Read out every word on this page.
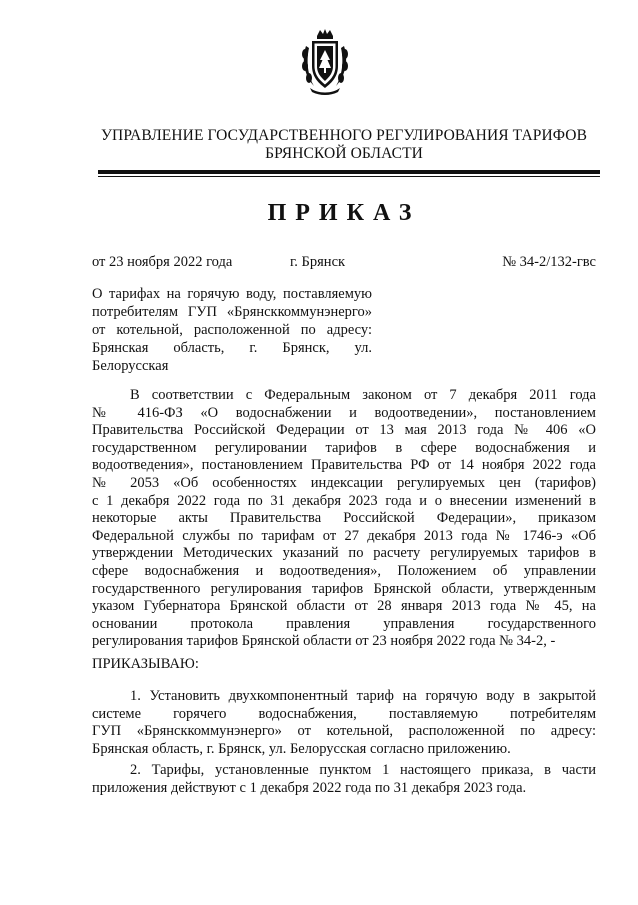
УПРАВЛЕНИЕ ГОСУДАРСТВЕННОГО РЕГУЛИРОВАНИЯ ТАРИФОВ
БРЯНСКОЙ ОБЛАСТИ
ПРИКАЗ
от 23 ноября 2022 года	г. Брянск	№ 34-2/132-гвс
О тарифах на горячую воду, поставляемую
потребителям ГУП «Брянсккоммунэнерго»
от котельной, расположенной по адресу:
Брянская область, г. Брянск, ул.
Белорусская
В соответствии с Федеральным законом от 7 декабря 2011 года
№ 416-ФЗ «О водоснабжении и водоотведении», постановлением
Правительства Российской Федерации от 13 мая 2013 года № 406 «О
государственном регулировании тарифов в сфере водоснабжения и
водоотведения», постановлением Правительства РФ от 14 ноября 2022 года
№ 2053 «Об особенностях индексации регулируемых цен (тарифов)
с 1 декабря 2022 года по 31 декабря 2023 года и о внесении изменений в
некоторые акты Правительства Российской Федерации», приказом
Федеральной службы по тарифам от 27 декабря 2013 года № 1746-э «Об
утверждении Методических указаний по расчету регулируемых тарифов в
сфере водоснабжения и водоотведения», Положением об управлении
государственного регулирования тарифов Брянской области, утвержденным
указом Губернатора Брянской области от 28 января 2013 года № 45, на
основании протокола правления управления государственного
регулирования тарифов Брянской области от 23 ноября 2022 года № 34-2, -
ПРИКАЗЫВАЮ:
1. Установить двухкомпонентный тариф на горячую воду в закрытой
системе горячего водоснабжения, поставляемую потребителям
ГУП «Брянсккоммунэнерго» от котельной, расположенной по адресу:
Брянская область, г. Брянск, ул. Белорусская согласно приложению.
2. Тарифы, установленные пунктом 1 настоящего приказа, в части
приложения действуют с 1 декабря 2022 года по 31 декабря 2023 года.
